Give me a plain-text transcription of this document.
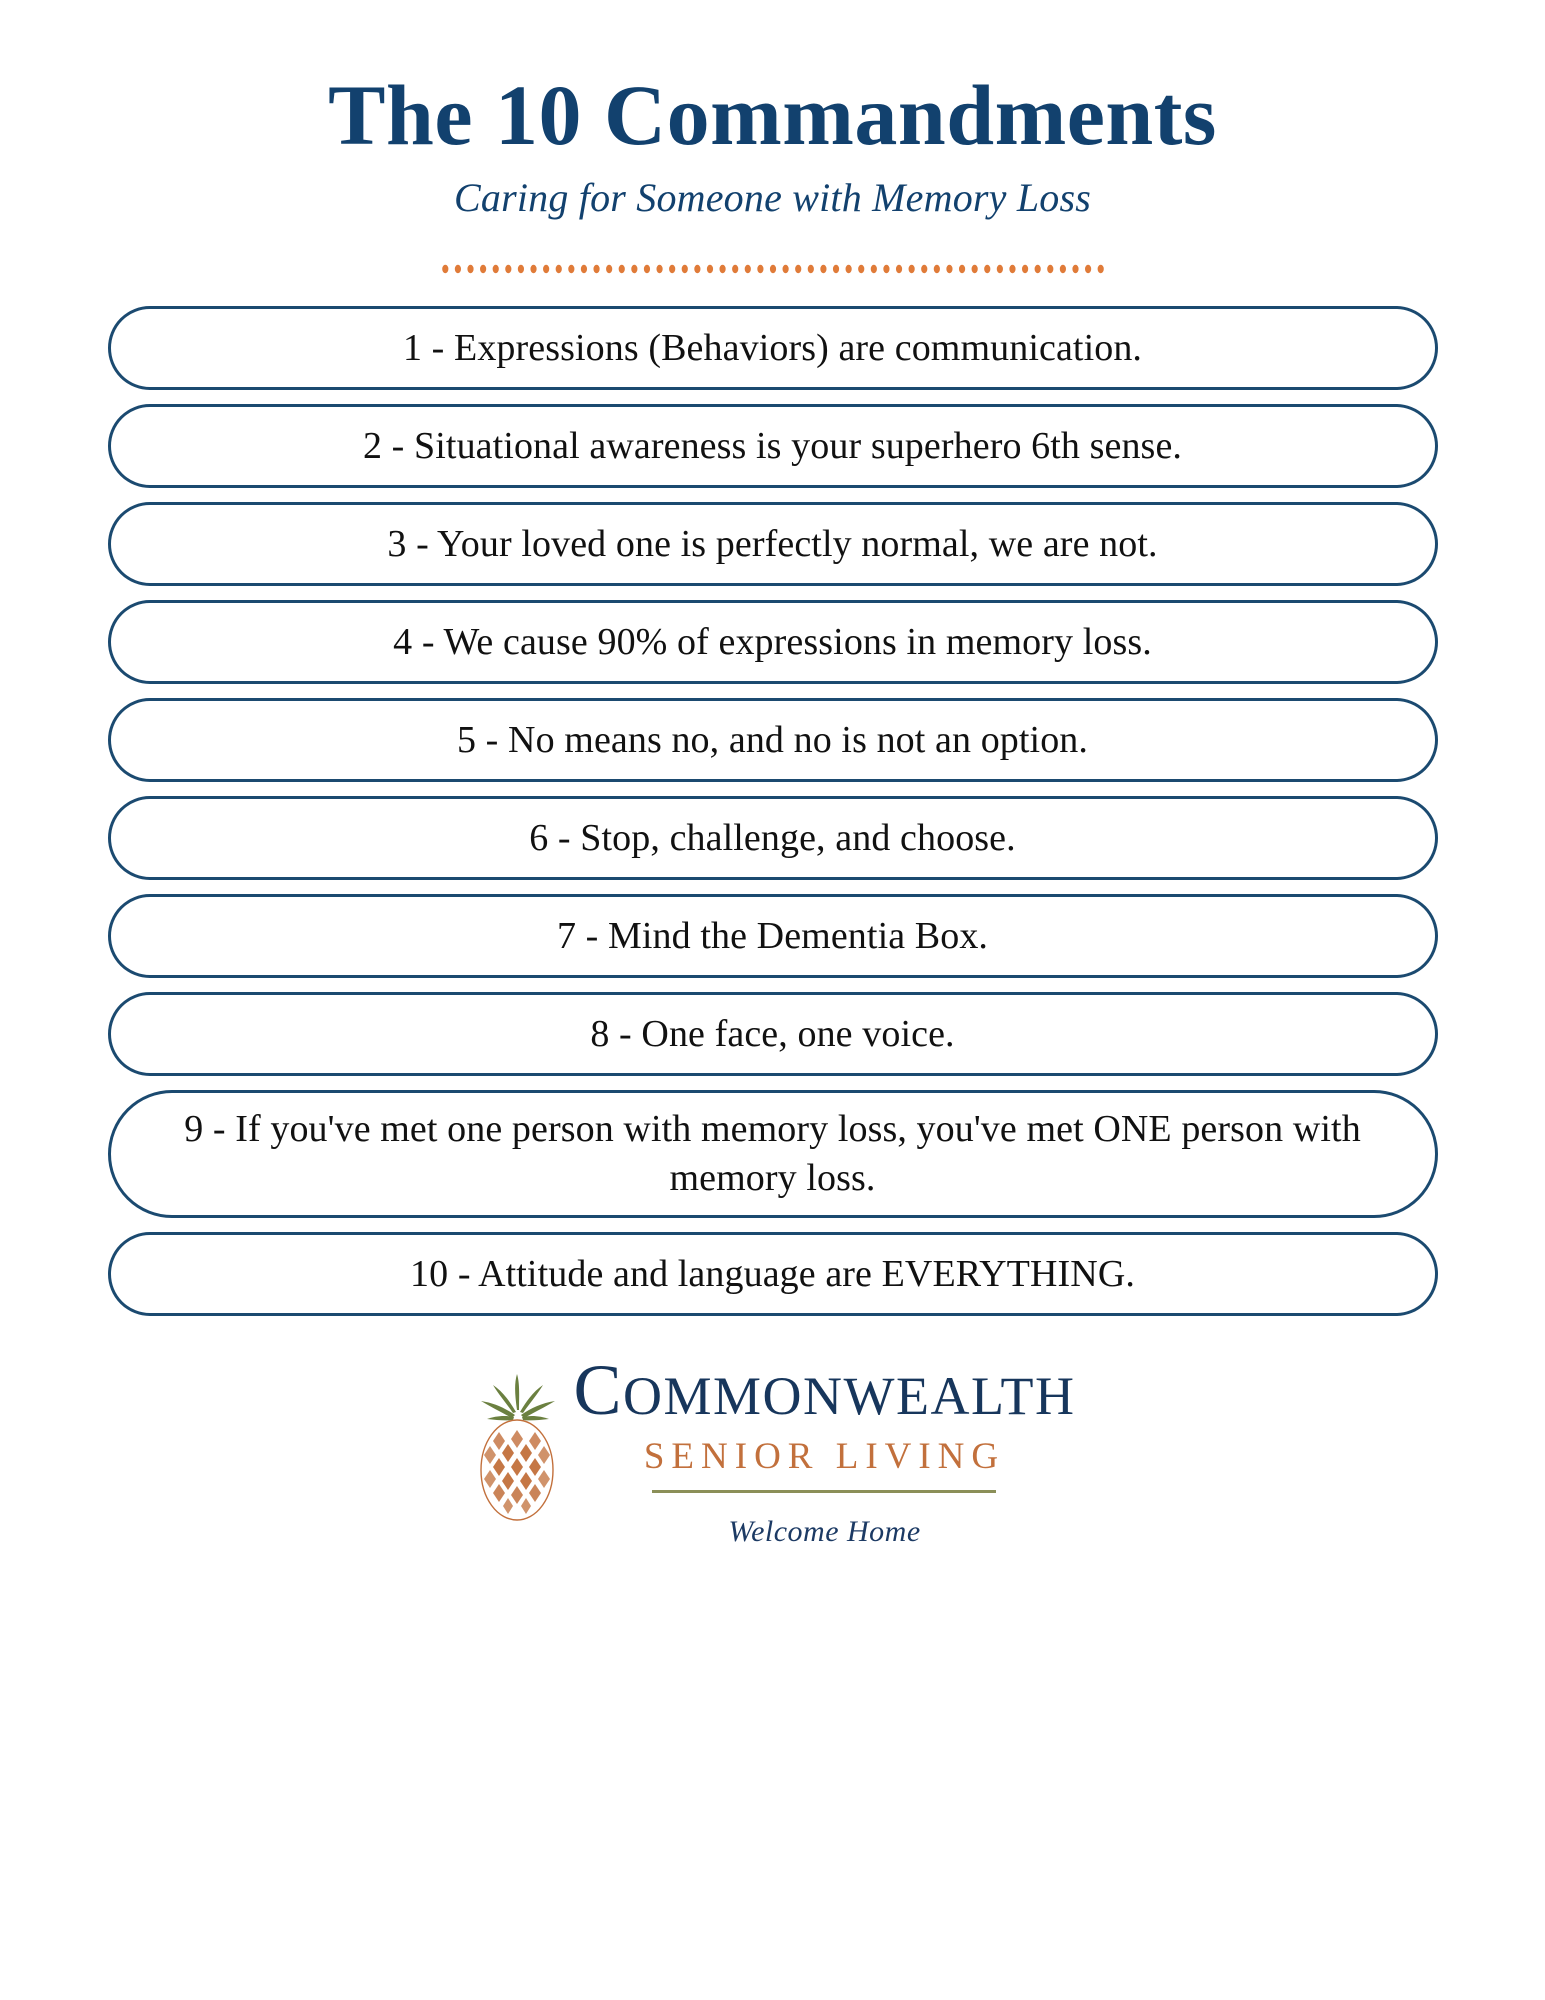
The 10 Commandments
Caring for Someone with Memory Loss
1 - Expressions (Behaviors) are communication.
2 - Situational awareness is your superhero 6th sense.
3 - Your loved one is perfectly normal, we are not.
4 - We cause 90% of expressions in memory loss.
5 - No means no, and no is not an option.
6 - Stop, challenge, and choose.
7 - Mind the Dementia Box.
8 - One face, one voice.
9 - If you've met one person with memory loss, you've met ONE person with memory loss.
10 - Attitude and language are EVERYTHING.
COMMONWEALTH
SENIOR LIVING
Welcome Home
